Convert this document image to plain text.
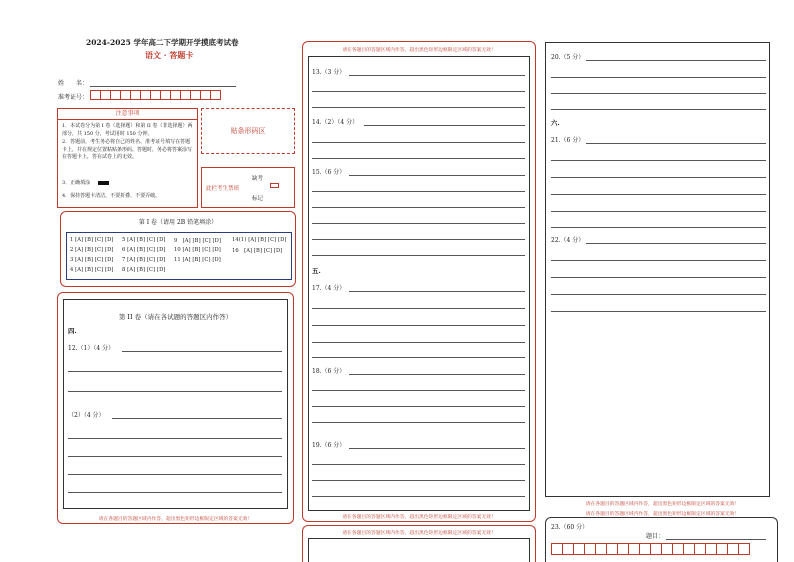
2024-2025 学年高二下学期开学摸底考试卷
语文 · 答题卡
姓　　名：
准考证号：
注意事项
1．本试卷分为第 I 卷（选择题）和第 II 卷（非选择题）两部分，共 150 分，考试用时 150 分钟。
2．答题前，考生务必将自己的姓名、准考证号填写在答题卡上，并在规定位置粘贴条形码。答题时，务必将答案涂写在答题卡上，答在试卷上的无效。
3．正确填涂
4．保持答题卡清洁，不要折叠、不要弄破。
贴条形码区
缺考
此栏考生禁填
标记
第 I 卷（请用 2B 铅笔填涂）
1 [A] [B] [C] [D] 5 [A] [B] [C] [D] 9　[A] [B] [C] [D] 14(1) [A] [B] [C] [D]
2 [A] [B] [C] [D] 6 [A] [B] [C] [D] 10 [A] [B] [C] [D] 16　[A] [B] [C] [D]
3 [A] [B] [C] [D] 7 [A] [B] [C] [D] 11 [A] [B] [C] [D]
4 [A] [B] [C] [D] 8 [A] [B] [C] [D]
第 II 卷（请在各试题的答题区内作答）
四.
12.（1）（4 分）
（2）（4 分）
请在各题目的答题区域内作答，超出黑色矩形边框限定区域的答案无效！
请在各题目的答题区域内作答，超出黑色矩形边框限定区域的答案无效！
13.（3 分）
14.（2）（4 分）
15.（6 分）
五.
17.（4 分）
18.（6 分）
19.（6 分）
请在各题目的答题区域内作答，超出黑色矩形边框限定区域的答案无效！
请在各题目的答题区域内作答，超出黑色矩形边框限定区域的答案无效！
20.（5 分）
六.
21.（6 分）
22.（4 分）
请在各题目的答题区域内作答，超出黑色矩形边框限定区域的答案无效！
请在各题目的答题区域内作答，超出黑色矩形边框限定区域的答案无效！
23.（60 分）
题目：
